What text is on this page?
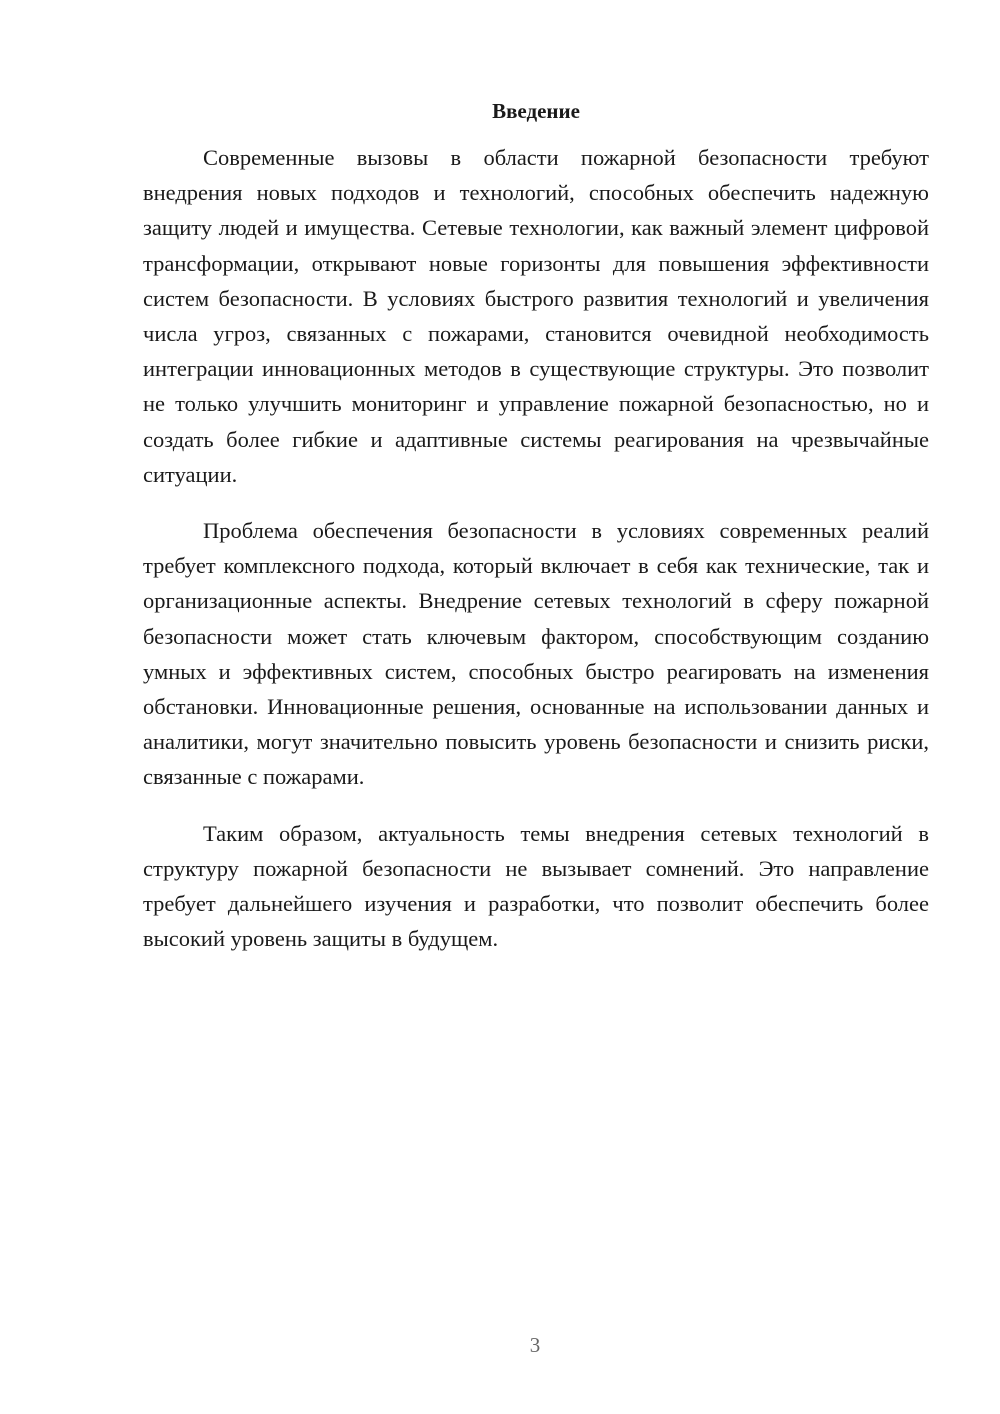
Введение

Современные вызовы в области пожарной безопасности требуют внедрения новых подходов и технологий, способных обеспечить надежную защиту людей и имущества. Сетевые технологии, как важный элемент цифровой трансформации, открывают новые горизонты для повышения эффективности систем безопасности. В условиях быстрого развития технологий и увеличения числа угроз, связанных с пожарами, становится очевидной необходимость интеграции инновационных методов в существующие структуры. Это позволит не только улучшить мониторинг и управление пожарной безопасностью, но и создать более гибкие и адаптивные системы реагирования на чрезвычайные ситуации.

Проблема обеспечения безопасности в условиях современных реалий требует комплексного подхода, который включает в себя как технические, так и организационные аспекты. Внедрение сетевых технологий в сферу пожарной безопасности может стать ключевым фактором, способствующим созданию умных и эффективных систем, способных быстро реагировать на изменения обстановки. Инновационные решения, основанные на использовании данных и аналитики, могут значительно повысить уровень безопасности и снизить риски, связанные с пожарами.

Таким образом, актуальность темы внедрения сетевых технологий в структуру пожарной безопасности не вызывает сомнений. Это направление требует дальнейшего изучения и разработки, что позволит обеспечить более высокий уровень защиты в будущем.

3
